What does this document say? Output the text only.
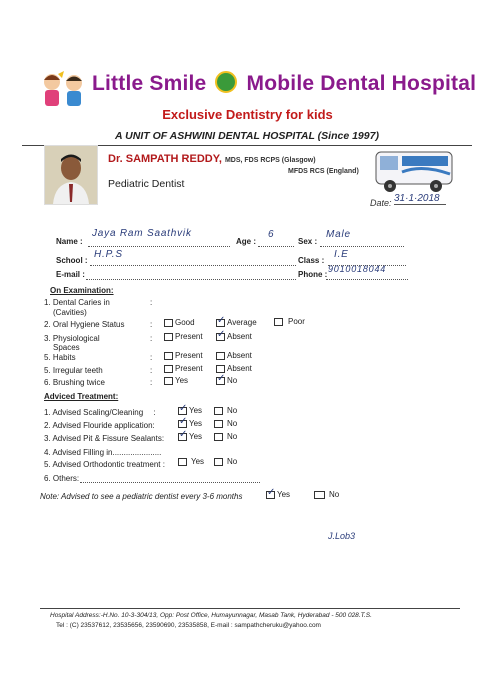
Little Smile Mobile Dental Hospital
Exclusive Dentistry for kids
A UNIT OF ASHWINI DENTAL HOSPITAL (Since 1997)
Dr. SAMPATH REDDY, MDS, FDS RCPS (Glasgow)
MFDS RCS (England)
Pediatric Dentist
Date: 31·1·2018
Name :
Jaya Ram Saathvik
Age :
6
Sex :
Male
School :
H.P.S
Class :
I.E
E-mail :	Phone :
9010018044
On Examination:
1. Dental Caries in
(Cavities)
:
2. Oral Hygiene Status	:	Good ✓	Average	Poor
3. Physiological
Spaces
:	Present ✓	Absent
5. Habits	:	Present	Absent
5. Irregular teeth	:	Present	Absent
6. Brushing twice	:	Yes ✓	No
Adviced Treatment:
1. Advised Scaling/Cleaning : ✓	Yes	No
2. Advised Flouride application: ✓	Yes	No
3. Advised Pit & Fissure Sealants: ✓	Yes	No
4. Advised Filling in......................
5. Advised Orthodontic treatment :	Yes	No
6. Others:
Note: Advised to see a pediatric dentist every 3-6 months ✓	Yes	No
J.Lob3
Hospital Address:-H.No. 10-3-304/13, Opp: Post Office, Humayunnagar, Masab Tank, Hyderabad - 500 028.T.S.
Tel : (C) 23537612, 23535656, 23590690, 23535858, E-mail : sampathcheruku@yahoo.com
